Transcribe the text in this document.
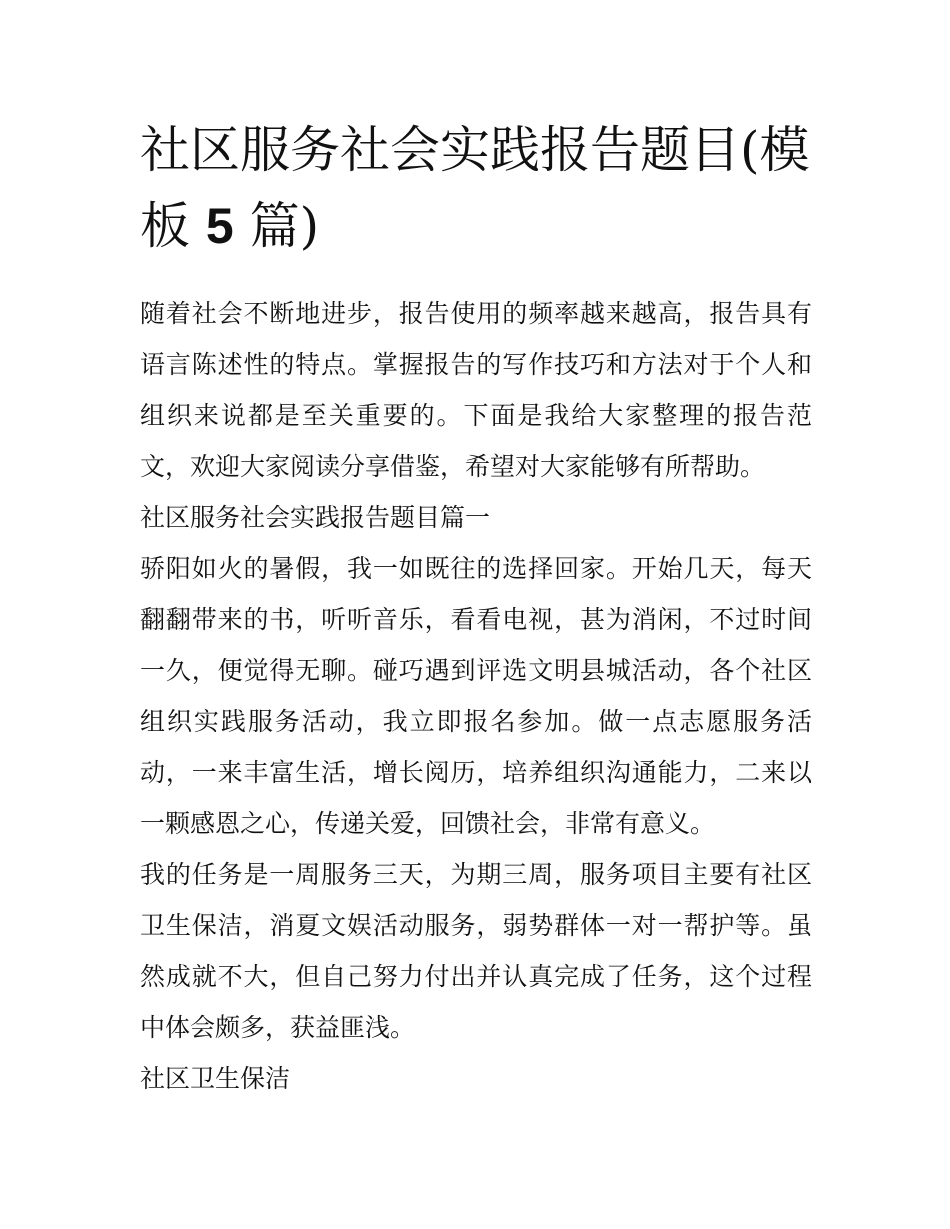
社区服务社会实践报告题目(模
板 5 篇)

随着社会不断地进步，报告使用的频率越来越高，报告具有语言陈述性的特点。掌握报告的写作技巧和方法对于个人和组织来说都是至关重要的。下面是我给大家整理的报告范文，欢迎大家阅读分享借鉴，希望对大家能够有所帮助。

社区服务社会实践报告题目篇一

骄阳如火的暑假，我一如既往的选择回家。开始几天，每天翻翻带来的书，听听音乐，看看电视，甚为消闲，不过时间一久，便觉得无聊。碰巧遇到评选文明县城活动，各个社区组织实践服务活动，我立即报名参加。做一点志愿服务活动，一来丰富生活，增长阅历，培养组织沟通能力，二来以一颗感恩之心，传递关爱，回馈社会，非常有意义。

我的任务是一周服务三天，为期三周，服务项目主要有社区卫生保洁，消夏文娱活动服务，弱势群体一对一帮护等。虽然成就不大，但自己努力付出并认真完成了任务，这个过程中体会颇多，获益匪浅。

社区卫生保洁
